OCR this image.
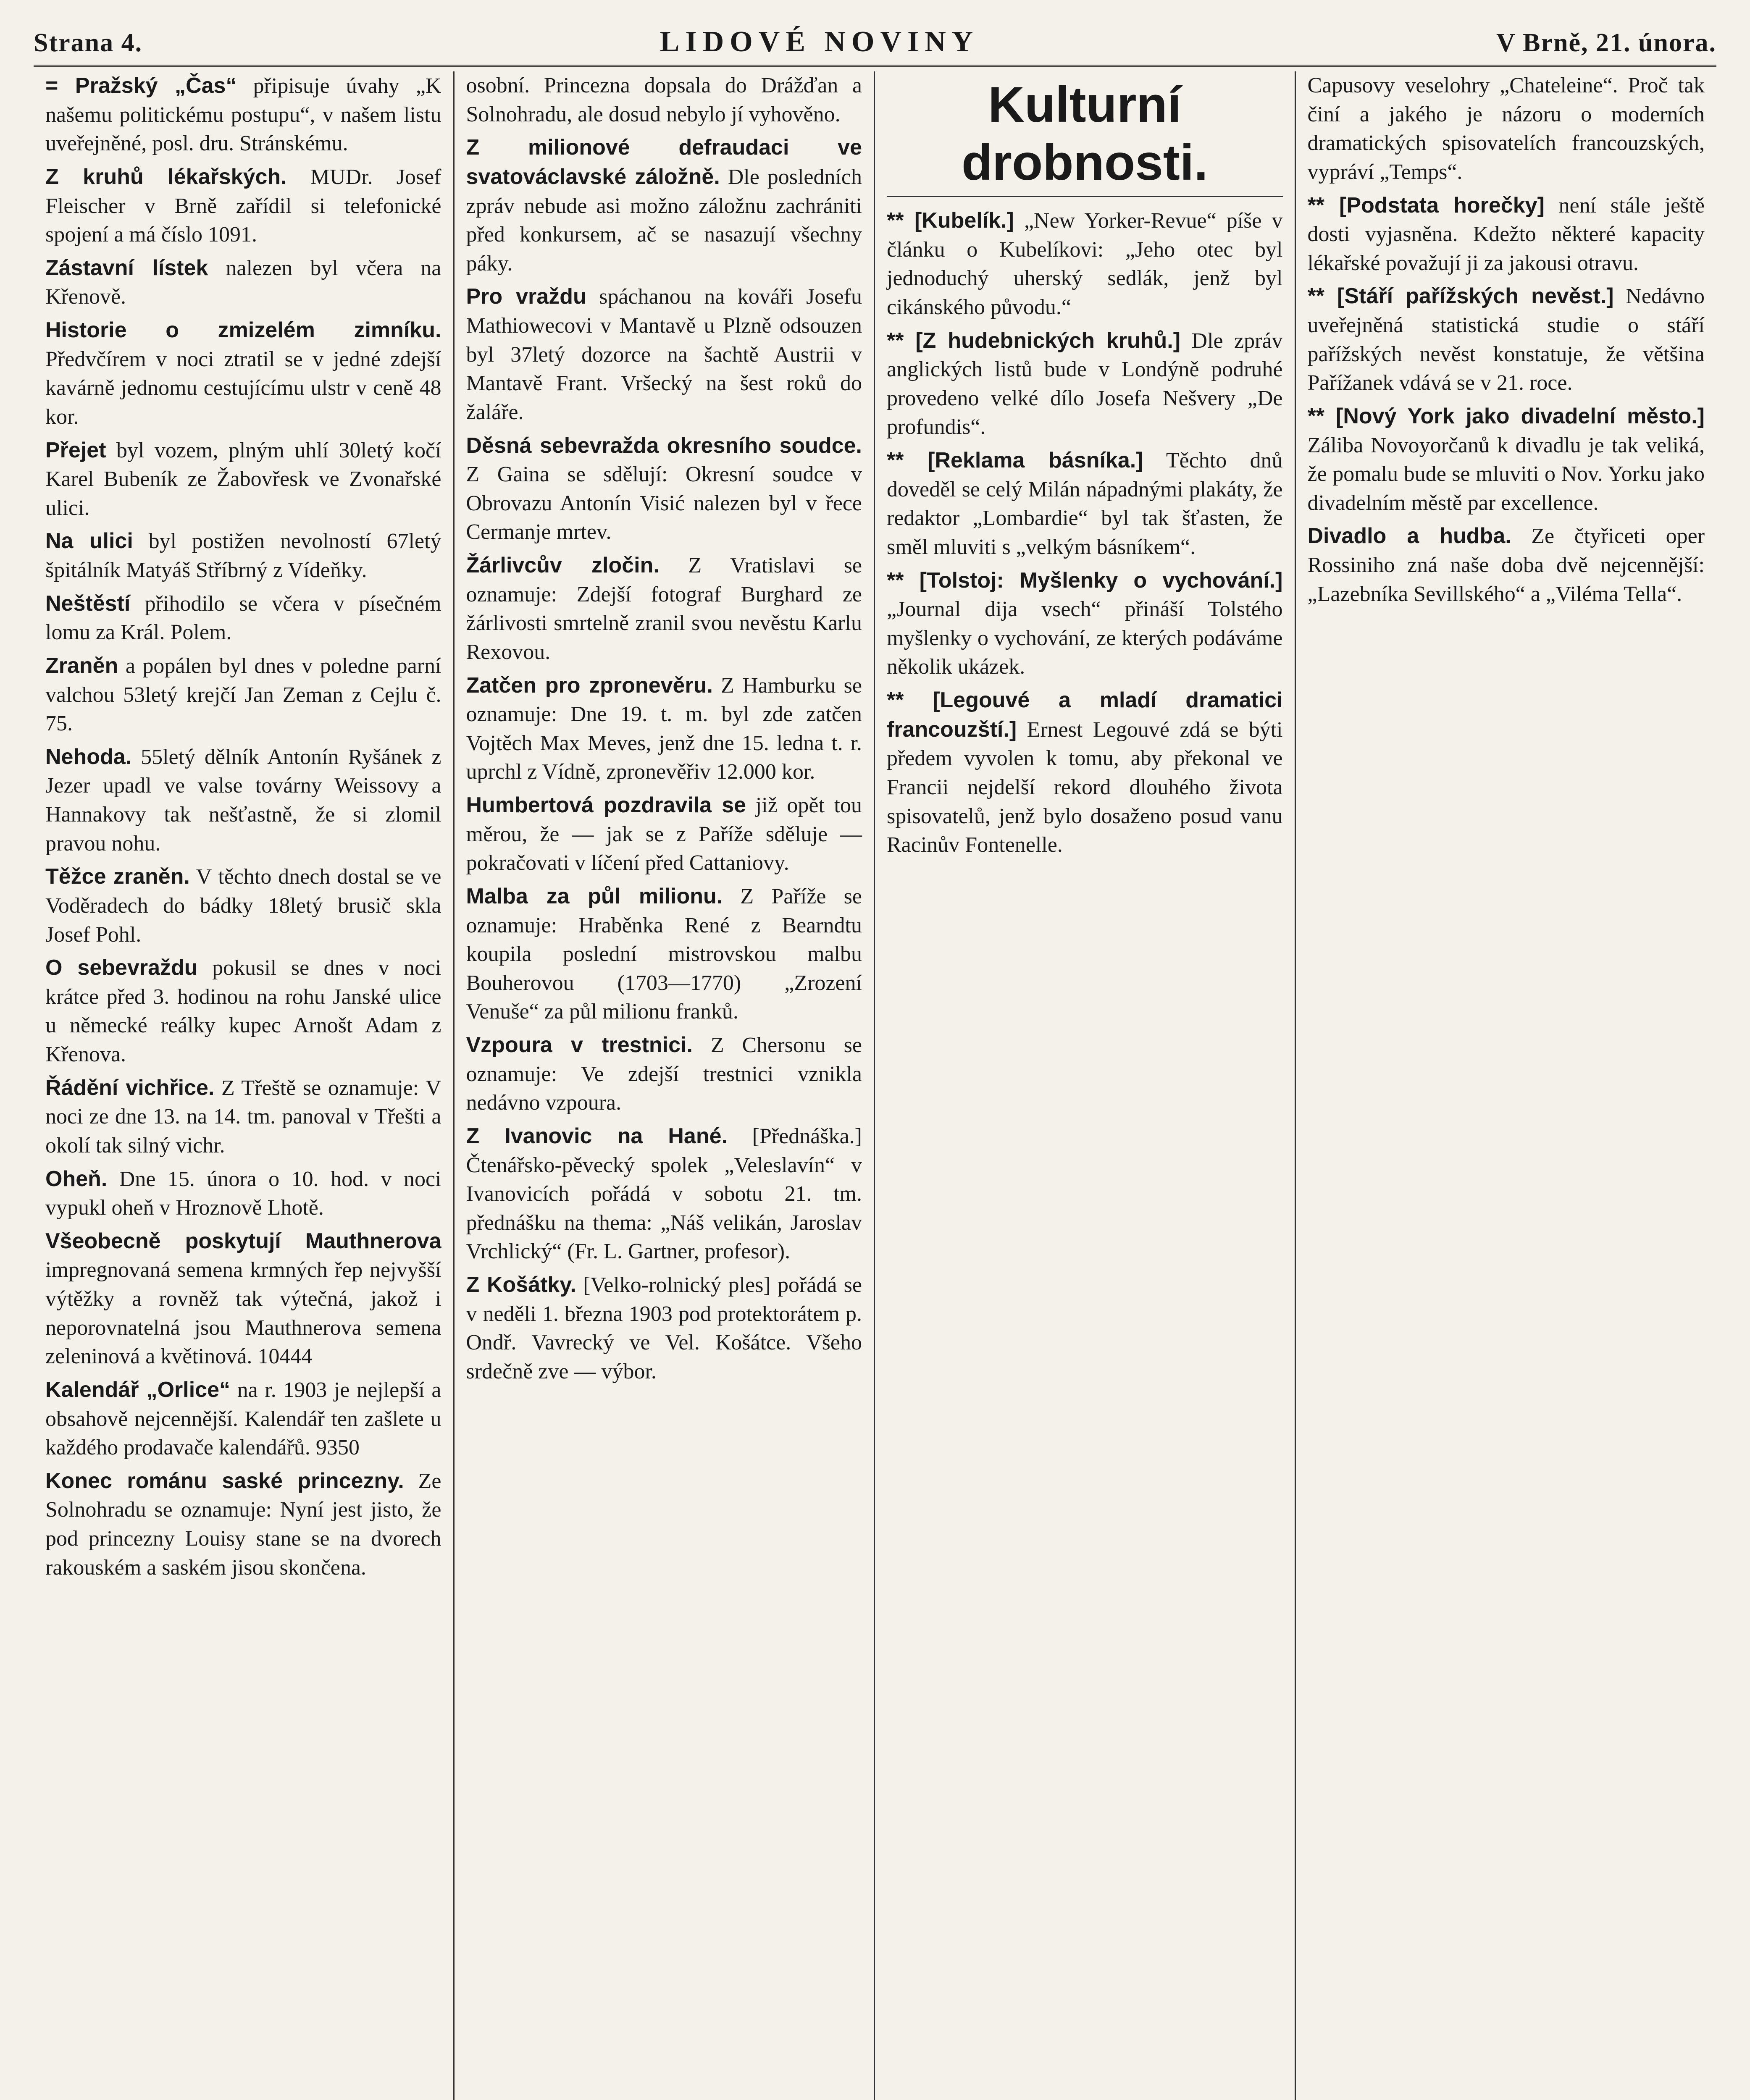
Strana 4.	LIDOVÉ NOVINY	V Brně, 21. února.

= Pražský „Čas“ připisuje úvahy „K našemu politickému postupu“, v našem listu uveřejněné, posl. dru. Stránskému.

Z kruhů lékařských. MUDr. Josef Fleischer v Brně zařídil si telefonické spojení a má číslo 1091.

Zástavní lístek nalezen byl včera na Křenově.

Historie o zmizelém zimníku. Předvčírem v noci ztratil se v jedné zdejší kavárně jednomu cestujícímu ulstr v ceně 48 kor.

Přejet byl vozem, plným uhlí 30letý kočí Karel Bubeník ze Žabovřesk ve Zvonařské ulici.

Na ulici byl postižen nevolností 67letý špitálník Matyáš Stříbrný z Vídeňky.

Neštěstí přihodilo se včera v písečném lomu za Král. Polem.

Zraněn a popálen byl dnes v poledne parní valchou 53letý krejčí Jan Zeman z Cejlu č. 75.

Nehoda. 55letý dělník Antonín Ryšánek z Jezer upadl ve valse továrny Weissovy a Hannakovy tak nešťastně, že si zlomil pravou nohu.

Těžce zraněn. V těchto dnech dostal se ve Voděradech do bádky 18letý brusič skla Josef Pohl.

O sebevraždu pokusil se dnes v noci krátce před 3. hodinou na rohu Janské ulice u německé reálky kupec Arnošt Adam z Křenova.

Řádění vichřice. Z Třeště se oznamuje: V noci ze dne 13. na 14. tm. panoval v Třešti a okolí tak silný vichr.

Oheň. Dne 15. února o 10. hod. v noci vypukl oheň v Hroznově Lhotě.

Všeobecně poskytují Mauthnerova impregnovaná semena krmných řep nejvyšší výtěžky a rovněž tak výtečná, jakož i neporovnatelná jsou Mauthnerova semena zeleninová a květinová. 10444

Kalendář „Orlice“ na r. 1903 je nejlepší a obsahově nejcennější. Kalendář ten zašlete u každého prodavače kalendářů. 9350

Konec románu saské princezny. Ze Solnohradu se oznamuje: Nyní jest jisto, že pod princezny Louisy stane se na dvorech rakouském a saském jisou skončena.

osobní. Princezna dopsala do Drážďan a Solnohradu, ale dosud nebylo jí vyhověno.

Z milionové defraudaci ve svatováclavské záložně. Dle posledních zpráv nebude asi možno záložnu zachrániti před konkursem, ač se nasazují všechny páky.

Pro vraždu spáchanou na kováři Josefu Mathiowecovi v Mantavě u Plzně odsouzen byl 37letý dozorce na šachtě Austrii v Mantavě Frant. Vršecký na šest roků do žaláře.

Děsná sebevražda okresního soudce. Z Gaina se sdělují: Okresní soudce v Obrovazu Antonín Visić nalezen byl v řece Cermanje mrtev.

Žárlivcův zločin. Z Vratislavi se oznamuje: Zdejší fotograf Burghard ze žárlivosti smrtelně zranil svou nevěstu Karlu Rexovou.

Zatčen pro zpronevěru. Z Hamburku se oznamuje: Dne 19. t. m. byl zde zatčen Vojtěch Max Meves, jenž dne 15. ledna t. r. uprchl z Vídně, zpronevěřiv 12.000 kor.

Humbertová pozdravila se již opět tou měrou, že — jak se z Paříže sděluje — pokračovati v líčení před Cattaniovy.

Malba za půl milionu. Z Paříže se oznamuje: Hraběnka René z Bearndtu koupila poslední mistrovskou malbu Bouherovou (1703—1770) „Zrození Venuše“ za půl milionu franků.

Vzpoura v trestnici. Z Chersonu se oznamuje: Ve zdejší trestnici vznikla nedávno vzpoura.

Z Ivanovic na Hané. [Přednáška.] Čtenářsko-pěvecký spolek „Veleslavín“ v Ivanovicích pořádá v sobotu 21. tm. přednášku na thema: „Náš velikán, Jaroslav Vrchlický“ (Fr. L. Gartner, profesor).

Z Košátky. [Velko-rolnický ples] pořádá se v neděli 1. března 1903 pod protektorátem p. Ondř. Vavrecký ve Vel. Košátce. Všeho srdečně zve — výbor.

Kulturní drobnosti.

** [Kubelík.] „New Yorker-Revue“ píše v článku o Kubelíkovi: „Jeho otec byl jednoduchý uherský sedlák, jenž byl cikánského původu.“

** [Z hudebnických kruhů.] Dle zpráv anglických listů bude v Londýně podruhé provedeno velké dílo Josefa Nešvery „De profundis“.

** [Reklama básníka.] Těchto dnů doveděl se celý Milán nápadnými plakáty, že redaktor „Lombardie“ byl tak šťasten, že směl mluviti s „velkým básníkem“.

** [Tolstoj: Myšlenky o vychování.] „Journal dija vsech“ přináší Tolstého myšlenky o vychování, ze kterých podáváme několik ukázek.

** [Legouvé a mladí dramatici francouzští.] Ernest Legouvé zdá se býti předem vyvolen k tomu, aby překonal ve Francii nejdelší rekord dlouhého života spisovatelů, jenž bylo dosaženo posud vanu Racinův Fontenelle.

Capusovy veselohry „Chateleine“. Proč tak činí a jakého je názoru o moderních dramatických spisovatelích francouzských, vypráví „Temps“.

** [Podstata horečky] není stále ještě dosti vyjasněna. Kdežto některé kapacity lékařské považují ji za jakousi otravu.

** [Stáří pařížských nevěst.] Nedávno uveřejněná statistická studie o stáří pařížských nevěst konstatuje, že většina Pařížanek vdává se v 21. roce.

** [Nový York jako divadelní město.] Záliba Novoyorčanů k divadlu je tak veliká, že pomalu bude se mluviti o Nov. Yorku jako divadelním městě par excellence.

Divadlo a hudba. Ze čtyřiceti oper Rossiniho zná naše doba dvě nejcennější: „Lazebníka Sevillského“ a „Viléma Tella“.
